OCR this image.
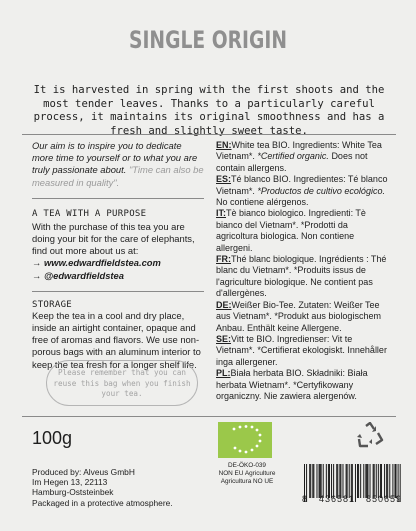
SINGLE ORIGIN
It is harvested in spring with the first shoots and the most tender leaves. Thanks to a particularly careful process, it maintains its original smoothness and has a fresh and slightly sweet taste.
Our aim is to inspire you to dedicate more time to yourself or to what you are truly passionate about. "Time can also be measured in quality".
A TEA WITH A PURPOSE
With the purchase of this tea you are doing your bit for the care of elephants, find out more about us at:
→ www.edwardfieldstea.com
→ @edwardfieldstea
STORAGE
Keep the tea in a cool and dry place, inside an airtight container, opaque and free of aromas and flavors. We use non-porous bags with an aluminum interior to keep the tea fresh for a longer shelf life.
EN:White tea BIO. Ingredients: White Tea Vietnam*. *Certified organic. Does not contain allergens.
ES:Té blanco BIO. Ingredientes: Té blanco Vietnam*. *Productos de cultivo ecológico. No contiene alérgenos.
IT:Tè bianco biologico. Ingredienti: Tè bianco del Vietnam*. *Prodotti da agricoltura biologica. Non contiene allergeni.
FR:Thé blanc biologique. Ingrédients : Thé blanc du Vietnam*. *Produits issus de l'agriculture biologique. Ne contient pas d'allergènes.
DE:Weißer Bio-Tee. Zutaten: Weißer Tee aus Vietnam*. *Produkt aus biologischem Anbau. Enthält keine Allergene.
SE:Vitt te BIO. Ingredienser: Vit te Vietnam*. *Certifierat ekologiskt. Innehåller inga allergener.
PL:Biała herbata BIO. Składniki: Biała herbata Wietnam*. *Certyfikowany organiczny. Nie zawiera alergenów.
Please remember that you can reuse this bag when you finish your tea.
100g
Produced by: Alveus GmbH
Im Hegen 13, 22113
Hamburg-Oststeinbek
Packaged in a protective atmosphere.
DE-ÖKO-039
NON EU Agriculture
Agricultura NO UE
8 436581 850659
